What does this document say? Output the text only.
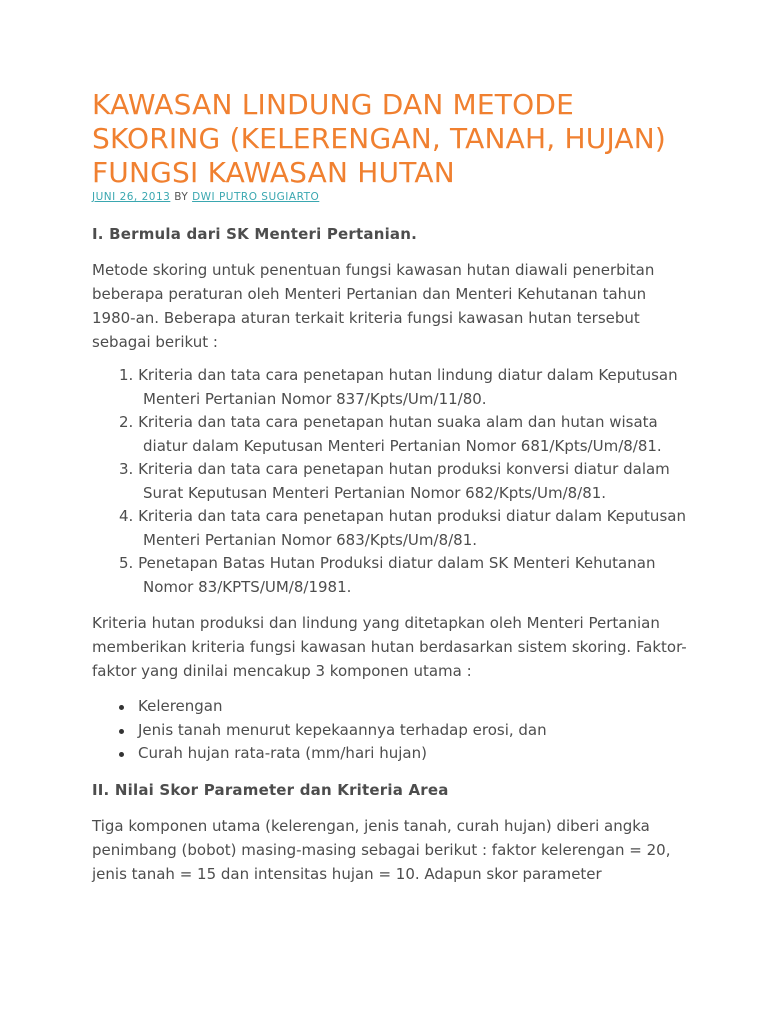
KAWASAN LINDUNG DAN METODE SKORING (KELERENGAN, TANAH, HUJAN) FUNGSI KAWASAN HUTAN
JUNI 26, 2013 BY DWI PUTRO SUGIARTO

I. Bermula dari SK Menteri Pertanian.

Metode skoring untuk penentuan fungsi kawasan hutan diawali penerbitan beberapa peraturan oleh Menteri Pertanian dan Menteri Kehutanan tahun 1980-an. Beberapa aturan terkait kriteria fungsi kawasan hutan tersebut sebagai berikut :

1. Kriteria dan tata cara penetapan hutan lindung diatur dalam Keputusan Menteri Pertanian Nomor 837/Kpts/Um/11/80.
2. Kriteria dan tata cara penetapan hutan suaka alam dan hutan wisata diatur dalam Keputusan Menteri Pertanian Nomor 681/Kpts/Um/8/81.
3. Kriteria dan tata cara penetapan hutan produksi konversi diatur dalam Surat Keputusan Menteri Pertanian Nomor 682/Kpts/Um/8/81.
4. Kriteria dan tata cara penetapan hutan produksi diatur dalam Keputusan Menteri Pertanian Nomor 683/Kpts/Um/8/81.
5. Penetapan Batas Hutan Produksi diatur dalam SK Menteri Kehutanan Nomor 83/KPTS/UM/8/1981.

Kriteria hutan produksi dan lindung yang ditetapkan oleh Menteri Pertanian memberikan kriteria fungsi kawasan hutan berdasarkan sistem skoring. Faktor-faktor yang dinilai mencakup 3 komponen utama :

Kelerengan
Jenis tanah menurut kepekaannya terhadap erosi, dan
Curah hujan rata-rata (mm/hari hujan)

II. Nilai Skor Parameter dan Kriteria Area

Tiga komponen utama (kelerengan, jenis tanah, curah hujan) diberi angka penimbang (bobot) masing-masing sebagai berikut : faktor kelerengan = 20, jenis tanah = 15 dan intensitas hujan = 10. Adapun skor parameter
